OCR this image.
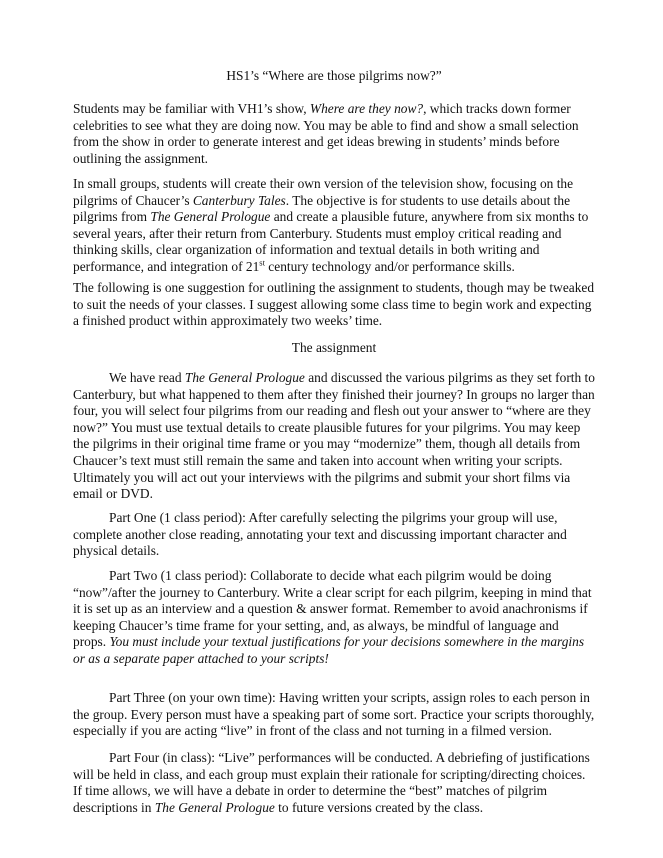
HS1’s “Where are those pilgrims now?”

Students may be familiar with VH1’s show, Where are they now?, which tracks down former celebrities to see what they are doing now. You may be able to find and show a small selection from the show in order to generate interest and get ideas brewing in students’ minds before outlining the assignment.

In small groups, students will create their own version of the television show, focusing on the pilgrims of Chaucer’s Canterbury Tales. The objective is for students to use details about the pilgrims from The General Prologue and create a plausible future, anywhere from six months to several years, after their return from Canterbury. Students must employ critical reading and thinking skills, clear organization of information and textual details in both writing and performance, and integration of 21st century technology and/or performance skills.

The following is one suggestion for outlining the assignment to students, though may be tweaked to suit the needs of your classes. I suggest allowing some class time to begin work and expecting a finished product within approximately two weeks’ time.

The assignment

We have read The General Prologue and discussed the various pilgrims as they set forth to Canterbury, but what happened to them after they finished their journey? In groups no larger than four, you will select four pilgrims from our reading and flesh out your answer to “where are they now?” You must use textual details to create plausible futures for your pilgrims. You may keep the pilgrims in their original time frame or you may “modernize” them, though all details from Chaucer’s text must still remain the same and taken into account when writing your scripts. Ultimately you will act out your interviews with the pilgrims and submit your short films via email or DVD.

Part One (1 class period): After carefully selecting the pilgrims your group will use, complete another close reading, annotating your text and discussing important character and physical details.

Part Two (1 class period): Collaborate to decide what each pilgrim would be doing “now”/after the journey to Canterbury. Write a clear script for each pilgrim, keeping in mind that it is set up as an interview and a question & answer format. Remember to avoid anachronisms if keeping Chaucer’s time frame for your setting, and, as always, be mindful of language and props. You must include your textual justifications for your decisions somewhere in the margins or as a separate paper attached to your scripts!

Part Three (on your own time): Having written your scripts, assign roles to each person in the group. Every person must have a speaking part of some sort. Practice your scripts thoroughly, especially if you are acting “live” in front of the class and not turning in a filmed version.

Part Four (in class): “Live” performances will be conducted. A debriefing of justifications will be held in class, and each group must explain their rationale for scripting/directing choices. If time allows, we will have a debate in order to determine the “best” matches of pilgrim descriptions in The General Prologue to future versions created by the class.
